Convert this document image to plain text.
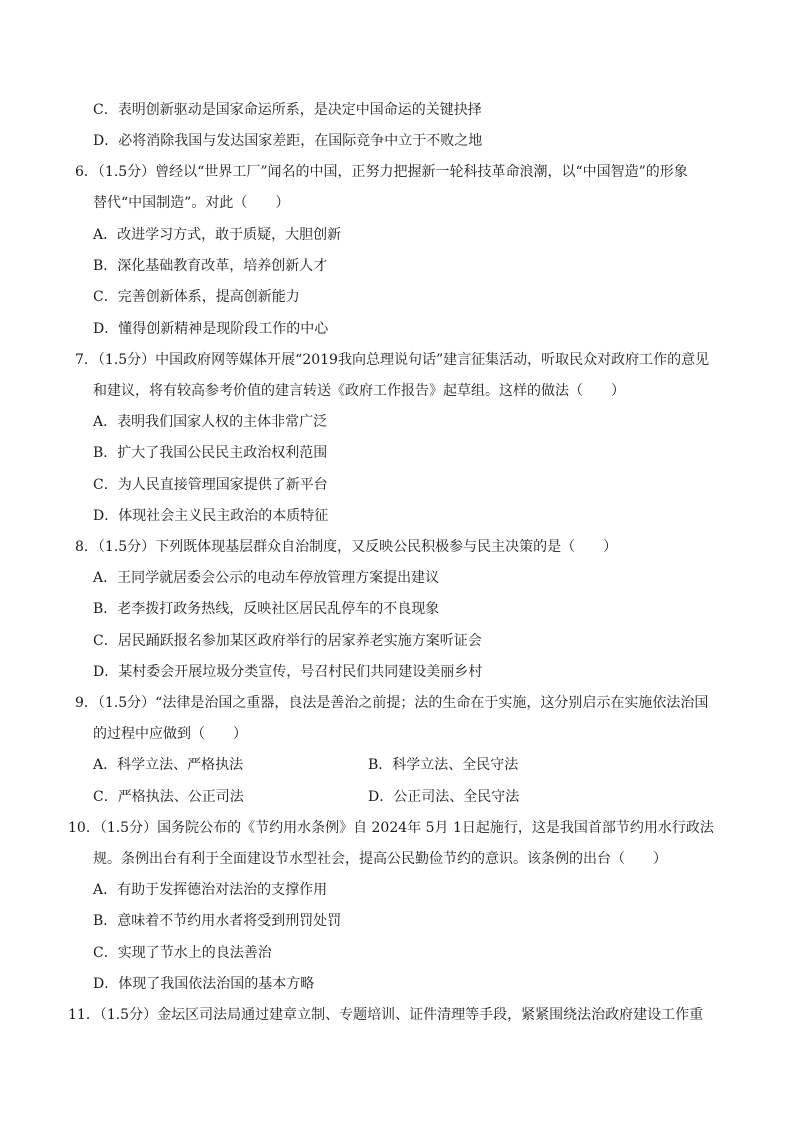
C．表明创新驱动是国家命运所系，是决定中国命运的关键抉择
D．必将消除我国与发达国家差距，在国际竞争中立于不败之地
6．（1.5分）曾经以“世界工厂”闻名的中国，正努力把握新一轮科技革命浪潮，以“中国智造”的形象
替代“中国制造”。对此（　　）
A．改进学习方式，敢于质疑，大胆创新
B．深化基础教育改革，培养创新人才
C．完善创新体系，提高创新能力
D．懂得创新精神是现阶段工作的中心
7．（1.5分）中国政府网等媒体开展“2019我向总理说句话”建言征集活动，听取民众对政府工作的意见
和建议，将有较高参考价值的建言转送《政府工作报告》起草组。这样的做法（　　）
A．表明我们国家人权的主体非常广泛
B．扩大了我国公民民主政治权利范围
C．为人民直接管理国家提供了新平台
D．体现社会主义民主政治的本质特征
8．（1.5分）下列既体现基层群众自治制度，又反映公民积极参与民主决策的是（　　）
A．王同学就居委会公示的电动车停放管理方案提出建议
B．老李拨打政务热线，反映社区居民乱停车的不良现象
C．居民踊跃报名参加某区政府举行的居家养老实施方案听证会
D．某村委会开展垃圾分类宣传，号召村民们共同建设美丽乡村
9．（1.5分）“法律是治国之重器，良法是善治之前提；法的生命在于实施，这分别启示在实施依法治国
的过程中应做到（　　）
A．科学立法、严格执法	B．科学立法、全民守法
C．严格执法、公正司法	D．公正司法、全民守法
10．（1.5分）国务院公布的《节约用水条例》自 2024年 5月 1日起施行，这是我国首部节约用水行政法
规。条例出台有利于全面建设节水型社会，提高公民勤俭节约的意识。该条例的出台（　　）
A．有助于发挥德治对法治的支撑作用
B．意味着不节约用水者将受到刑罚处罚
C．实现了节水上的良法善治
D．体现了我国依法治国的基本方略
11．（1.5分）金坛区司法局通过建章立制、专题培训、证件清理等手段，紧紧围绕法治政府建设工作重
